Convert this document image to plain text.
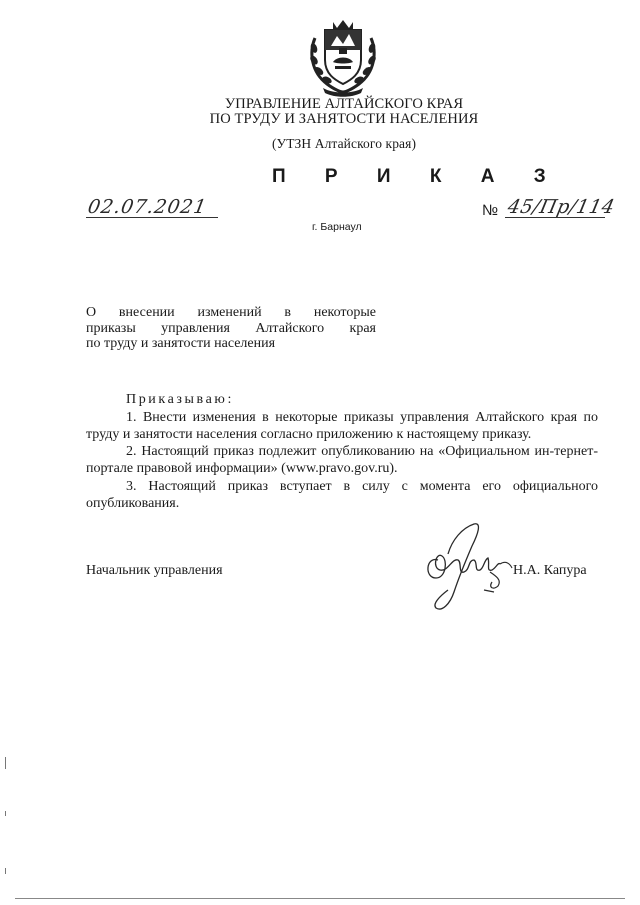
УПРАВЛЕНИЕ АЛТАЙСКОГО КРАЯ
ПО ТРУДУ И ЗАНЯТОСТИ НАСЕЛЕНИЯ
(УТЗН Алтайского края)
П Р И К А З
02.07.2021	№ 45/Пр/114
г. Барнаул
О внесении изменений в некоторые
приказы управления Алтайского края
по труду и занятости населения
Приказываю:
1. Внести изменения в некоторые приказы управления Алтайского края по труду и занятости населения согласно приложению к настоящему приказу.
2. Настоящий приказ подлежит опубликованию на «Официальном ин-тернет-портале правовой информации» (www.pravo.gov.ru).
3. Настоящий приказ вступает в силу с момента его официального опубликования.
Начальник управления	Н.А. Капура
